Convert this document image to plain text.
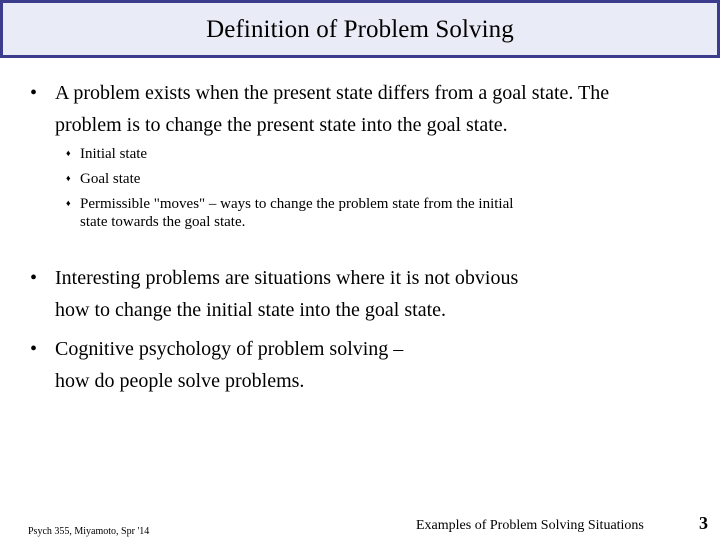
Definition of Problem Solving
• A problem exists when the present state differs from a goal state. The
problem is to change the present state into the goal state.
♦ Initial state
♦ Goal state
♦ Permissible "moves" – ways to change the problem state from the initial
state towards the goal state.
• Interesting problems are situations where it is not obvious
how to change the initial state into the goal state.
• Cognitive psychology of problem solving –
how do people solve problems.
Psych 355, Miyamoto, Spr '14	Examples of Problem Solving Situations	3
